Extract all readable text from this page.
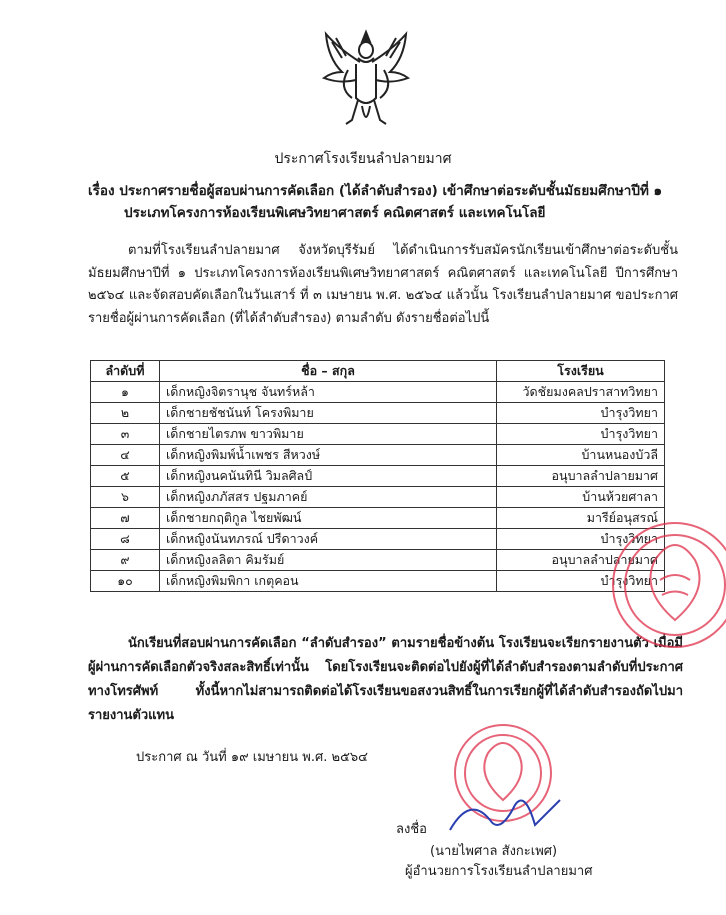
ประกาศโรงเรียนลำปลายมาศ
เรื่อง ประกาศรายชื่อผู้สอบผ่านการคัดเลือก (ได้ลำดับสำรอง) เข้าศึกษาต่อระดับชั้นมัธยมศึกษาปีที่ ๑
ประเภทโครงการห้องเรียนพิเศษวิทยาศาสตร์ คณิตศาสตร์ และเทคโนโลยี
ตามที่โรงเรียนลำปลายมาศ จังหวัดบุรีรัมย์ ได้ดำเนินการรับสมัครนักเรียนเข้าศึกษาต่อระดับชั้นมัธยมศึกษาปีที่ ๑ ประเภทโครงการห้องเรียนพิเศษวิทยาศาสตร์ คณิตศาสตร์ และเทคโนโลยี ปีการศึกษา ๒๕๖๔ และจัดสอบคัดเลือกในวันเสาร์ ที่ ๓ เมษายน พ.ศ. ๒๕๖๔ แล้วนั้น โรงเรียนลำปลายมาศ ขอประกาศรายชื่อผู้ผ่านการคัดเลือก (ที่ได้ลำดับสำรอง) ตามลำดับ ดังรายชื่อต่อไปนี้
ลำดับที่	ชื่อ – สกุล	โรงเรียน
๑	เด็กหญิงจิตรานุช จันทร์หล้า	วัดชัยมงคลปราสาทวิทยา
๒	เด็กชายชัชนันท์ โครงพิมาย	บำรุงวิทยา
๓	เด็กชายไตรภพ ขาวพิมาย	บำรุงวิทยา
๔	เด็กหญิงพิมพ์น้ำเพชร สีหวงษ์	บ้านหนองบัวลี
๕	เด็กหญิงนคนันทินี วิมลศิลป์	อนุบาลลำปลายมาศ
๖	เด็กหญิงภภัสสร ปฐมภาคย์	บ้านห้วยศาลา
๗	เด็กชายกฤติกูล ไชยพัฒน์	มารีย์อนุสรณ์
๘	เด็กหญิงนันทภรณ์ ปรีดาวงค์	บำรุงวิทยา
๙	เด็กหญิงลลิตา คิมรัมย์	อนุบาลลำปลายมาศ
๑๐	เด็กหญิงพิมพิกา เกตุคอน	บำรุงวิทยา
นักเรียนที่สอบผ่านการคัดเลือก “ลำดับสำรอง” ตามรายชื่อข้างต้น โรงเรียนจะเรียกรายงานตัว เมื่อมีผู้ผ่านการคัดเลือกตัวจริงสละสิทธิ์เท่านั้น โดยโรงเรียนจะติดต่อไปยังผู้ที่ได้ลำดับสำรองตามลำดับที่ประกาศทางโทรศัพท์ ทั้งนี้หากไม่สามารถติดต่อได้โรงเรียนขอสงวนสิทธิ์ในการเรียกผู้ที่ได้ลำดับสำรองถัดไปมารายงานตัวแทน
ประกาศ ณ วันที่ ๑๙ เมษายน พ.ศ. ๒๕๖๔
ลงชื่อ
(นายไพศาล สังกะเพศ)
ผู้อำนวยการโรงเรียนลำปลายมาศ
